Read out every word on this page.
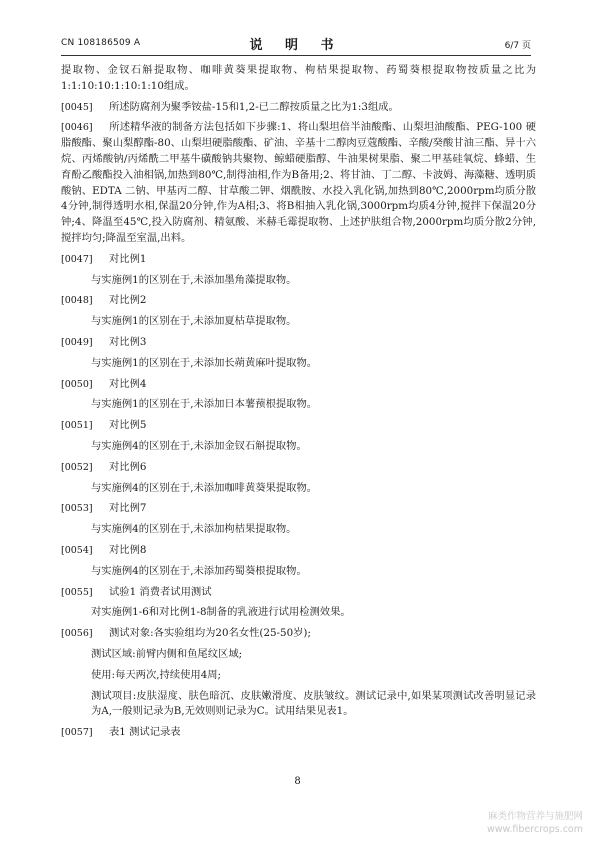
CN 108186509 A	说 明 书	6/7 页

提取物、金钗石斛提取物、咖啡黄葵果提取物、枸桔果提取物、药蜀葵根提取物按质量之比为1:1:10:10:1:10:1:10组成。

[0045] 所述防腐剂为聚季铵盐-15和1,2-已二醇按质量之比为1:3组成。

[0046] 所述精华液的制备方法包括如下步骤:1、将山梨坦倍半油酸酯、山梨坦油酸酯、PEG-100 硬脂酸酯、聚山梨醇酯-80、山梨坦硬脂酸酯、矿油、辛基十二醇肉豆蔻酸酯、辛酸/癸酸甘油三酯、异十六烷、丙烯酸钠/丙烯酰二甲基牛磺酸钠共聚物、鲸蜡硬脂醇、牛油果树果脂、聚二甲基硅氧烷、蜂蜡、生育酚乙酸酯投入油相锅,加热到80℃,制得油相,作为B备用;2、将甘油、丁二醇、卡波姆、海藻糖、透明质酸钠、EDTA 二钠、甲基丙二醇、甘草酸二钾、烟酰胺、水投入乳化锅,加热到80℃,2000rpm均质分散4分钟,制得透明水相,保温20分钟,作为A相;3、将B相抽入乳化锅,3000rpm均质4分钟,搅拌下保温20分钟;4、降温至45℃,投入防腐剂、精氨酸、米赫毛霉提取物、上述护肤组合物,2000rpm均质分散2分钟,搅拌均匀;降温至室温,出料。

[0047] 对比例1

与实施例1的区别在于,未添加墨角藻提取物。

[0048] 对比例2

与实施例1的区别在于,未添加夏枯草提取物。

[0049] 对比例3

与实施例1的区别在于,未添加长蒴黄麻叶提取物。

[0050] 对比例4

与实施例1的区别在于,未添加日本薯蓣根提取物。

[0051] 对比例5

与实施例4的区别在于,未添加金钗石斛提取物。

[0052] 对比例6

与实施例4的区别在于,未添加咖啡黄葵果提取物。

[0053] 对比例7

与实施例4的区别在于,未添加枸桔果提取物。

[0054] 对比例8

与实施例4的区别在于,未添加药蜀葵根提取物。

[0055] 试验1 消费者试用测试

对实施例1-6和对比例1-8制备的乳液进行试用检测效果。

[0056] 测试对象:各实验组均为20名女性(25-50岁);

测试区域:前臂内侧和鱼尾纹区域;

使用:每天两次,持续使用4周;

测试项目:皮肤湿度、肤色暗沉、皮肤嫩滑度、皮肤皱纹。测试记录中,如果某项测试改善明显记录为A,一般则记录为B,无效则则记录为C。试用结果见表1。

[0057] 表1 测试记录表

8
麻类作物营养与施肥网
www.fibercrops.com
